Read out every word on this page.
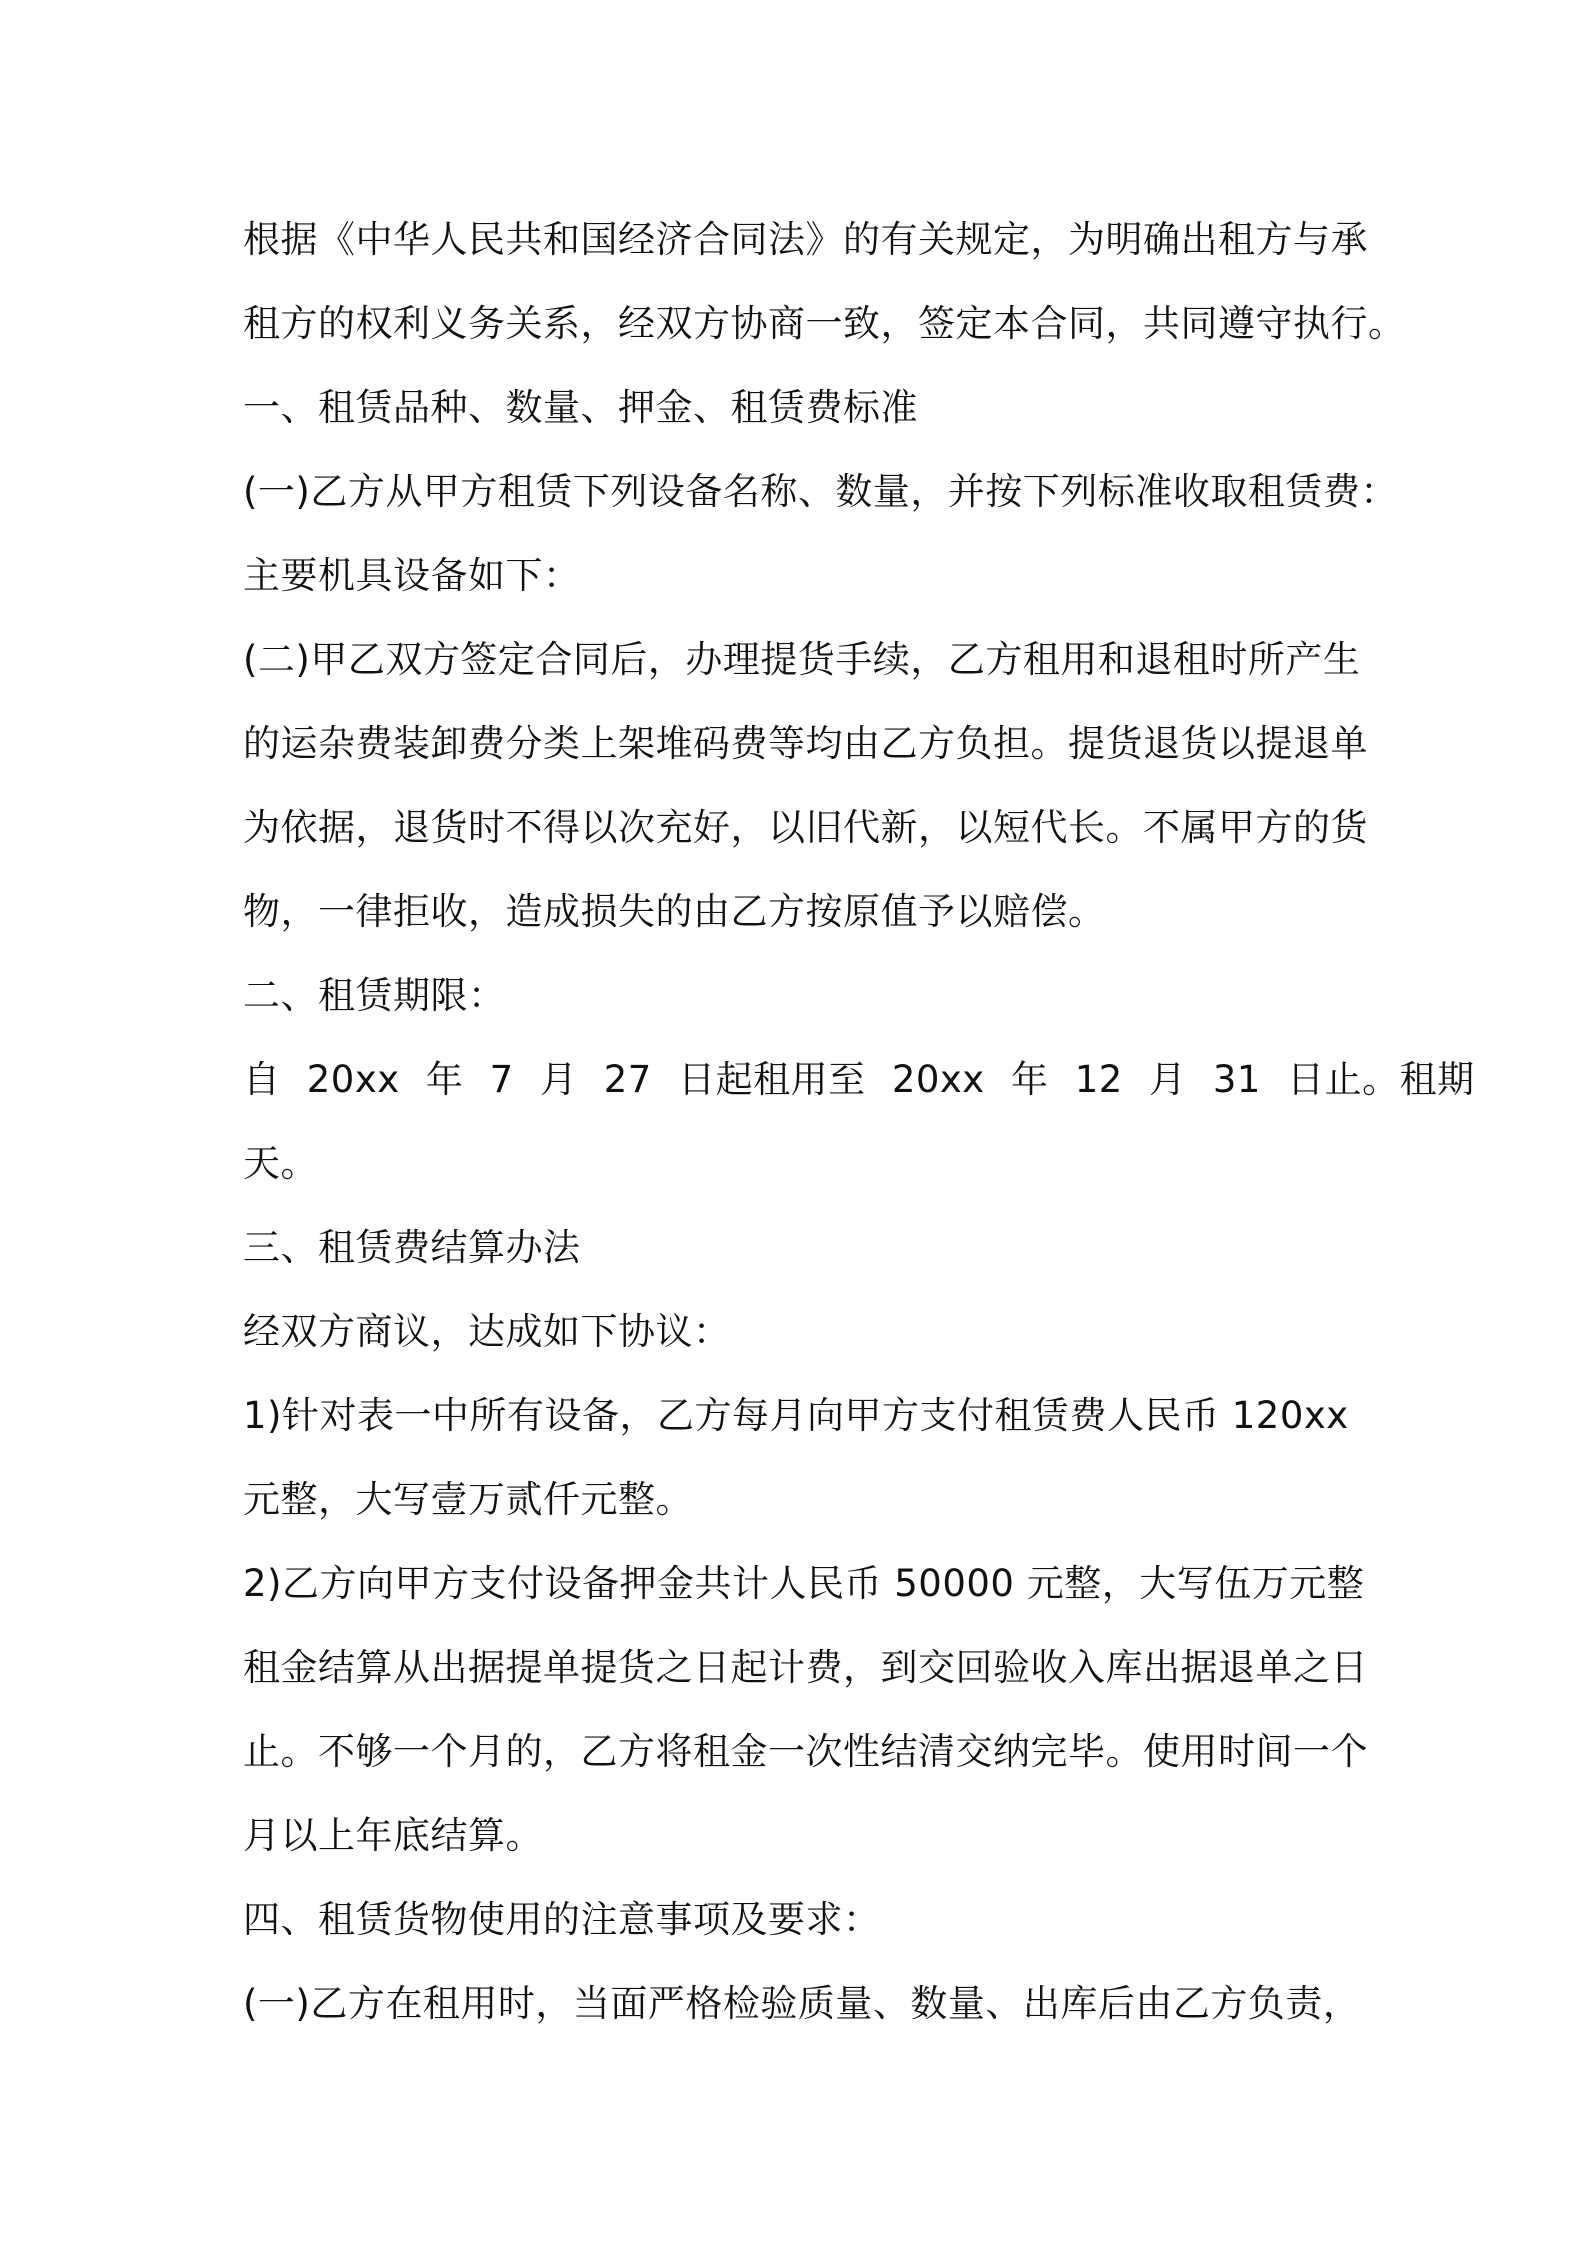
根据《中华人民共和国经济合同法》的有关规定，为明确出租方与承
租方的权利义务关系，经双方协商一致，签定本合同，共同遵守执行。
一、租赁品种、数量、押金、租赁费标准
(一)乙方从甲方租赁下列设备名称、数量，并按下列标准收取租赁费：
主要机具设备如下：
(二)甲乙双方签定合同后，办理提货手续，乙方租用和退租时所产生
的运杂费装卸费分类上架堆码费等均由乙方负担。提货退货以提退单
为依据，退货时不得以次充好，以旧代新，以短代长。不属甲方的货
物，一律拒收，造成损失的由乙方按原值予以赔偿。
二、租赁期限：
自 20xx 年 7 月 27 日起租用至 20xx 年 12 月 31 日止。租期
天。
三、租赁费结算办法
经双方商议，达成如下协议：
1)针对表一中所有设备，乙方每月向甲方支付租赁费人民币 120xx
元整，大写壹万贰仟元整。
2)乙方向甲方支付设备押金共计人民币 50000 元整，大写伍万元整
租金结算从出据提单提货之日起计费，到交回验收入库出据退单之日
止。不够一个月的，乙方将租金一次性结清交纳完毕。使用时间一个
月以上年底结算。
四、租赁货物使用的注意事项及要求：
(一)乙方在租用时，当面严格检验质量、数量、出库后由乙方负责，
